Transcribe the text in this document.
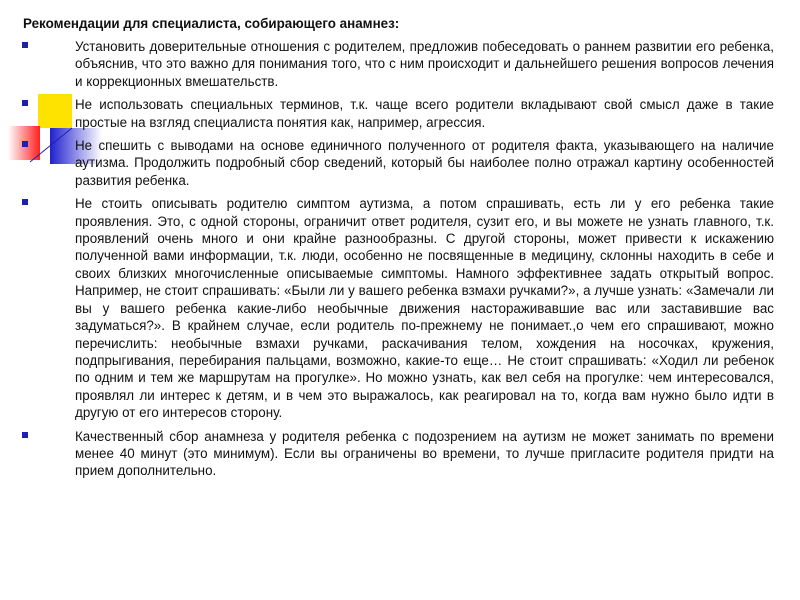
Рекомендации для специалиста, собирающего анамнез:

Установить доверительные отношения с родителем, предложив побеседовать о раннем развитии его ребенка, объяснив, что это важно для понимания того, что с ним происходит и дальнейшего решения вопросов лечения и коррекционных вмешательств.
Не использовать специальных терминов, т.к. чаще всего родители вкладывают свой смысл даже в такие простые на взгляд специалиста понятия как, например, агрессия.
Не спешить с выводами на основе единичного полученного от родителя факта, указывающего на наличие аутизма. Продолжить подробный сбор сведений, который бы наиболее полно отражал картину особенностей развития ребенка.
Не стоить описывать родителю симптом аутизма, а потом спрашивать, есть ли у его ребенка такие проявления. Это, с одной стороны, ограничит ответ родителя, сузит его, и вы можете не узнать главного, т.к. проявлений очень много и они крайне разнообразны. С другой стороны, может привести к искажению полученной вами информации, т.к. люди, особенно не посвященные в медицину, склонны находить в себе и своих близких многочисленные описываемые симптомы. Намного эффективнее задать открытый вопрос. Например, не стоит спрашивать: «Были ли у вашего ребенка взмахи ручками?», а лучше узнать: «Замечали ли вы у вашего ребенка какие-либо необычные движения настораживавшие вас или заставившие вас задуматься?». В крайнем случае, если родитель по-прежнему не понимает.,о чем его спрашивают, можно перечислить: необычные взмахи ручками, раскачивания телом, хождения на носочках, кружения, подпрыгивания, перебирания пальцами, возможно, какие-то еще… Не стоит спрашивать: «Ходил ли ребенок по одним и тем же маршрутам на прогулке». Но можно узнать, как вел себя на прогулке: чем интересовался, проявлял ли интерес к детям, и в чем это выражалось, как реагировал на то, когда вам нужно было идти в другую от его интересов сторону.
Качественный сбор анамнеза у родителя ребенка с подозрением на аутизм не может занимать по времени менее 40 минут (это минимум). Если вы ограничены во времени, то лучше пригласите родителя придти на прием дополнительно.
